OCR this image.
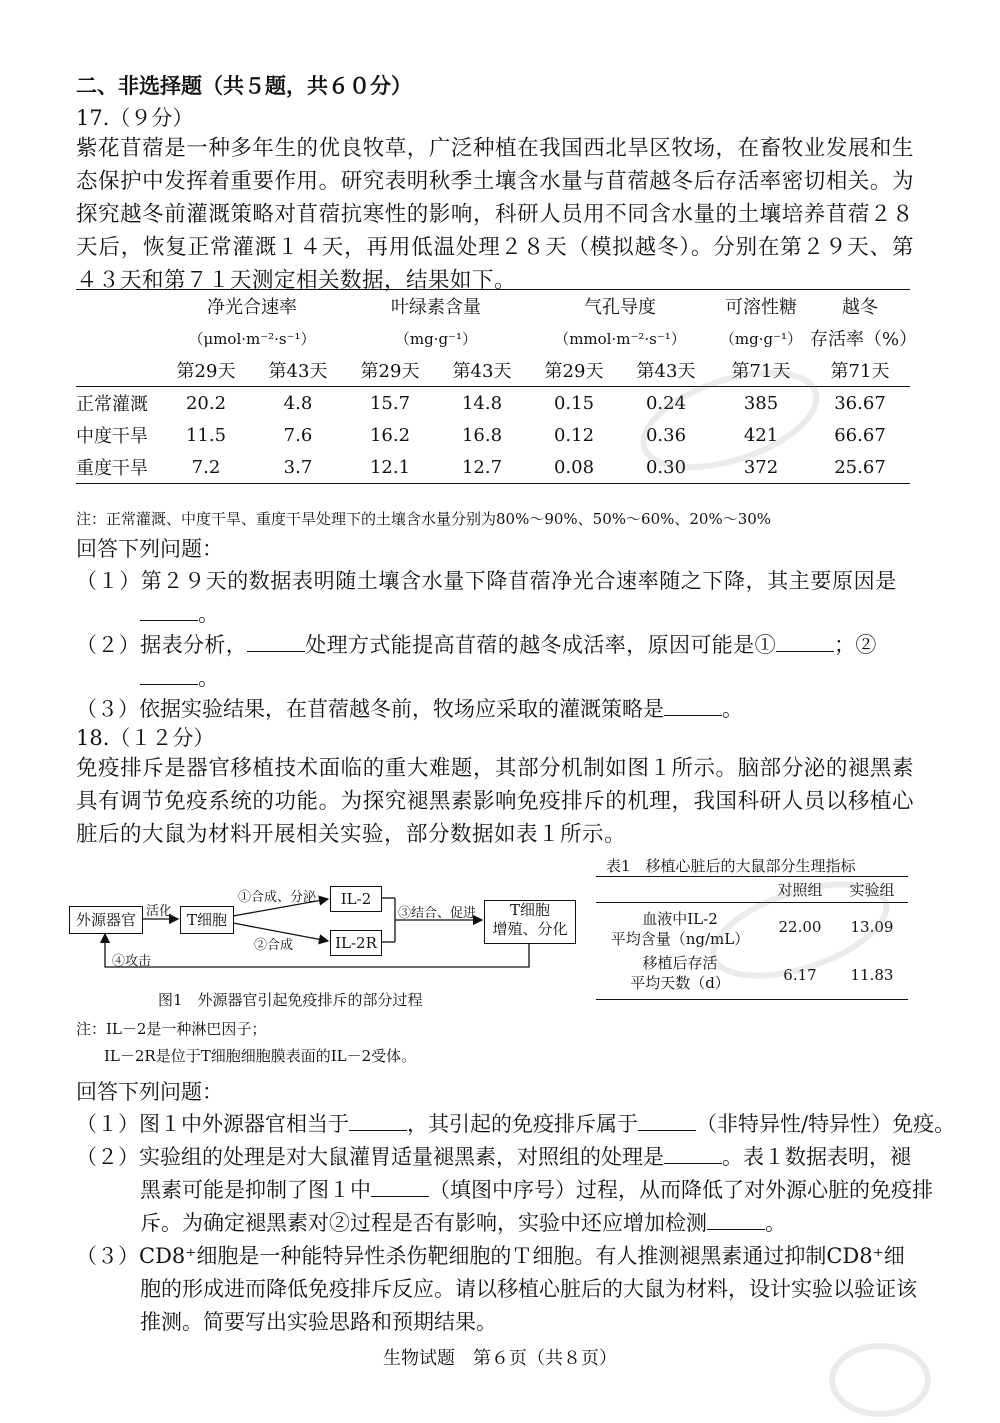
二、非选择题（共５题，共６０分）
17.（９分）
紫花苜蓿是一种多年生的优良牧草，广泛种植在我国西北旱区牧场，在畜牧业发展和生态保护中发挥着重要作用。研究表明秋季土壤含水量与苜蓿越冬后存活率密切相关。为探究越冬前灌溉策略对苜蓿抗寒性的影响，科研人员用不同含水量的土壤培养苜蓿２８天后，恢复正常灌溉１４天，再用低温处理２８天（模拟越冬）。分别在第２９天、第４３天和第７１天测定相关数据，结果如下。
	净光合速率		叶绿素含量		气孔导度		可溶性糖	越冬
	（μmol·m⁻²·s⁻¹）		（mg·g⁻¹）		（mmol·m⁻²·s⁻¹）		（mg·g⁻¹）	存活率（%）
	第29天	第43天	第29天	第43天	第29天	第43天	第71天	第71天
正常灌溉	20.2	4.8	15.7	14.8	0.15	0.24	385	36.67
中度干旱	11.5	7.6	16.2	16.8	0.12	0.36	421	66.67
重度干旱	7.2	3.7	12.1	12.7	0.08	0.30	372	25.67
注：正常灌溉、中度干旱、重度干旱处理下的土壤含水量分别为80%～90%、50%～60%、20%～30%
回答下列问题：
（１）第２９天的数据表明随土壤含水量下降苜蓿净光合速率随之下降，其主要原因是
。
（２）据表分析，	处理方式能提高苜蓿的越冬成活率，原因可能是①	；②
。
（３）依据实验结果，在苜蓿越冬前，牧场应采取的灌溉策略是	。
18.（１２分）
免疫排斥是器官移植技术面临的重大难题，其部分机制如图１所示。脑部分泌的褪黑素具有调节免疫系统的功能。为探究褪黑素影响免疫排斥的机理，我国科研人员以移植心脏后的大鼠为材料开展相关实验，部分数据如表１所示。
外源器官	T细胞
IL-2
IL-2R
T细胞
增殖、分化
活化
①合成、分泌
②合成
③结合、促进
④攻击
图1　外源器官引起免疫排斥的部分过程
表1　移植心脏后的大鼠部分生理指标
	对照组	实验组

血液中IL-2
平均含量（ng/mL）	22.00	13.09

移植后存活
平均天数（d）	6.17	11.83
注：IL－2是一种淋巴因子；
IL－2R是位于T细胞细胞膜表面的IL－2受体。
回答下列问题：
（１）图１中外源器官相当于	，其引起的免疫排斥属于	（非特异性/特异性）免疫。
（２）实验组的处理是对大鼠灌胃适量褪黑素，对照组的处理是	。表１数据表明，褪
黑素可能是抑制了图１中	（填图中序号）过程，从而降低了对外源心脏的免疫排
斥。为确定褪黑素对②过程是否有影响，实验中还应增加检测	。
（３）CD8⁺细胞是一种能特异性杀伤靶细胞的Ｔ细胞。有人推测褪黑素通过抑制CD8⁺细
胞的形成进而降低免疫排斥反应。请以移植心脏后的大鼠为材料，设计实验以验证该
推测。简要写出实验思路和预期结果。
生物试题　第６页（共８页）
